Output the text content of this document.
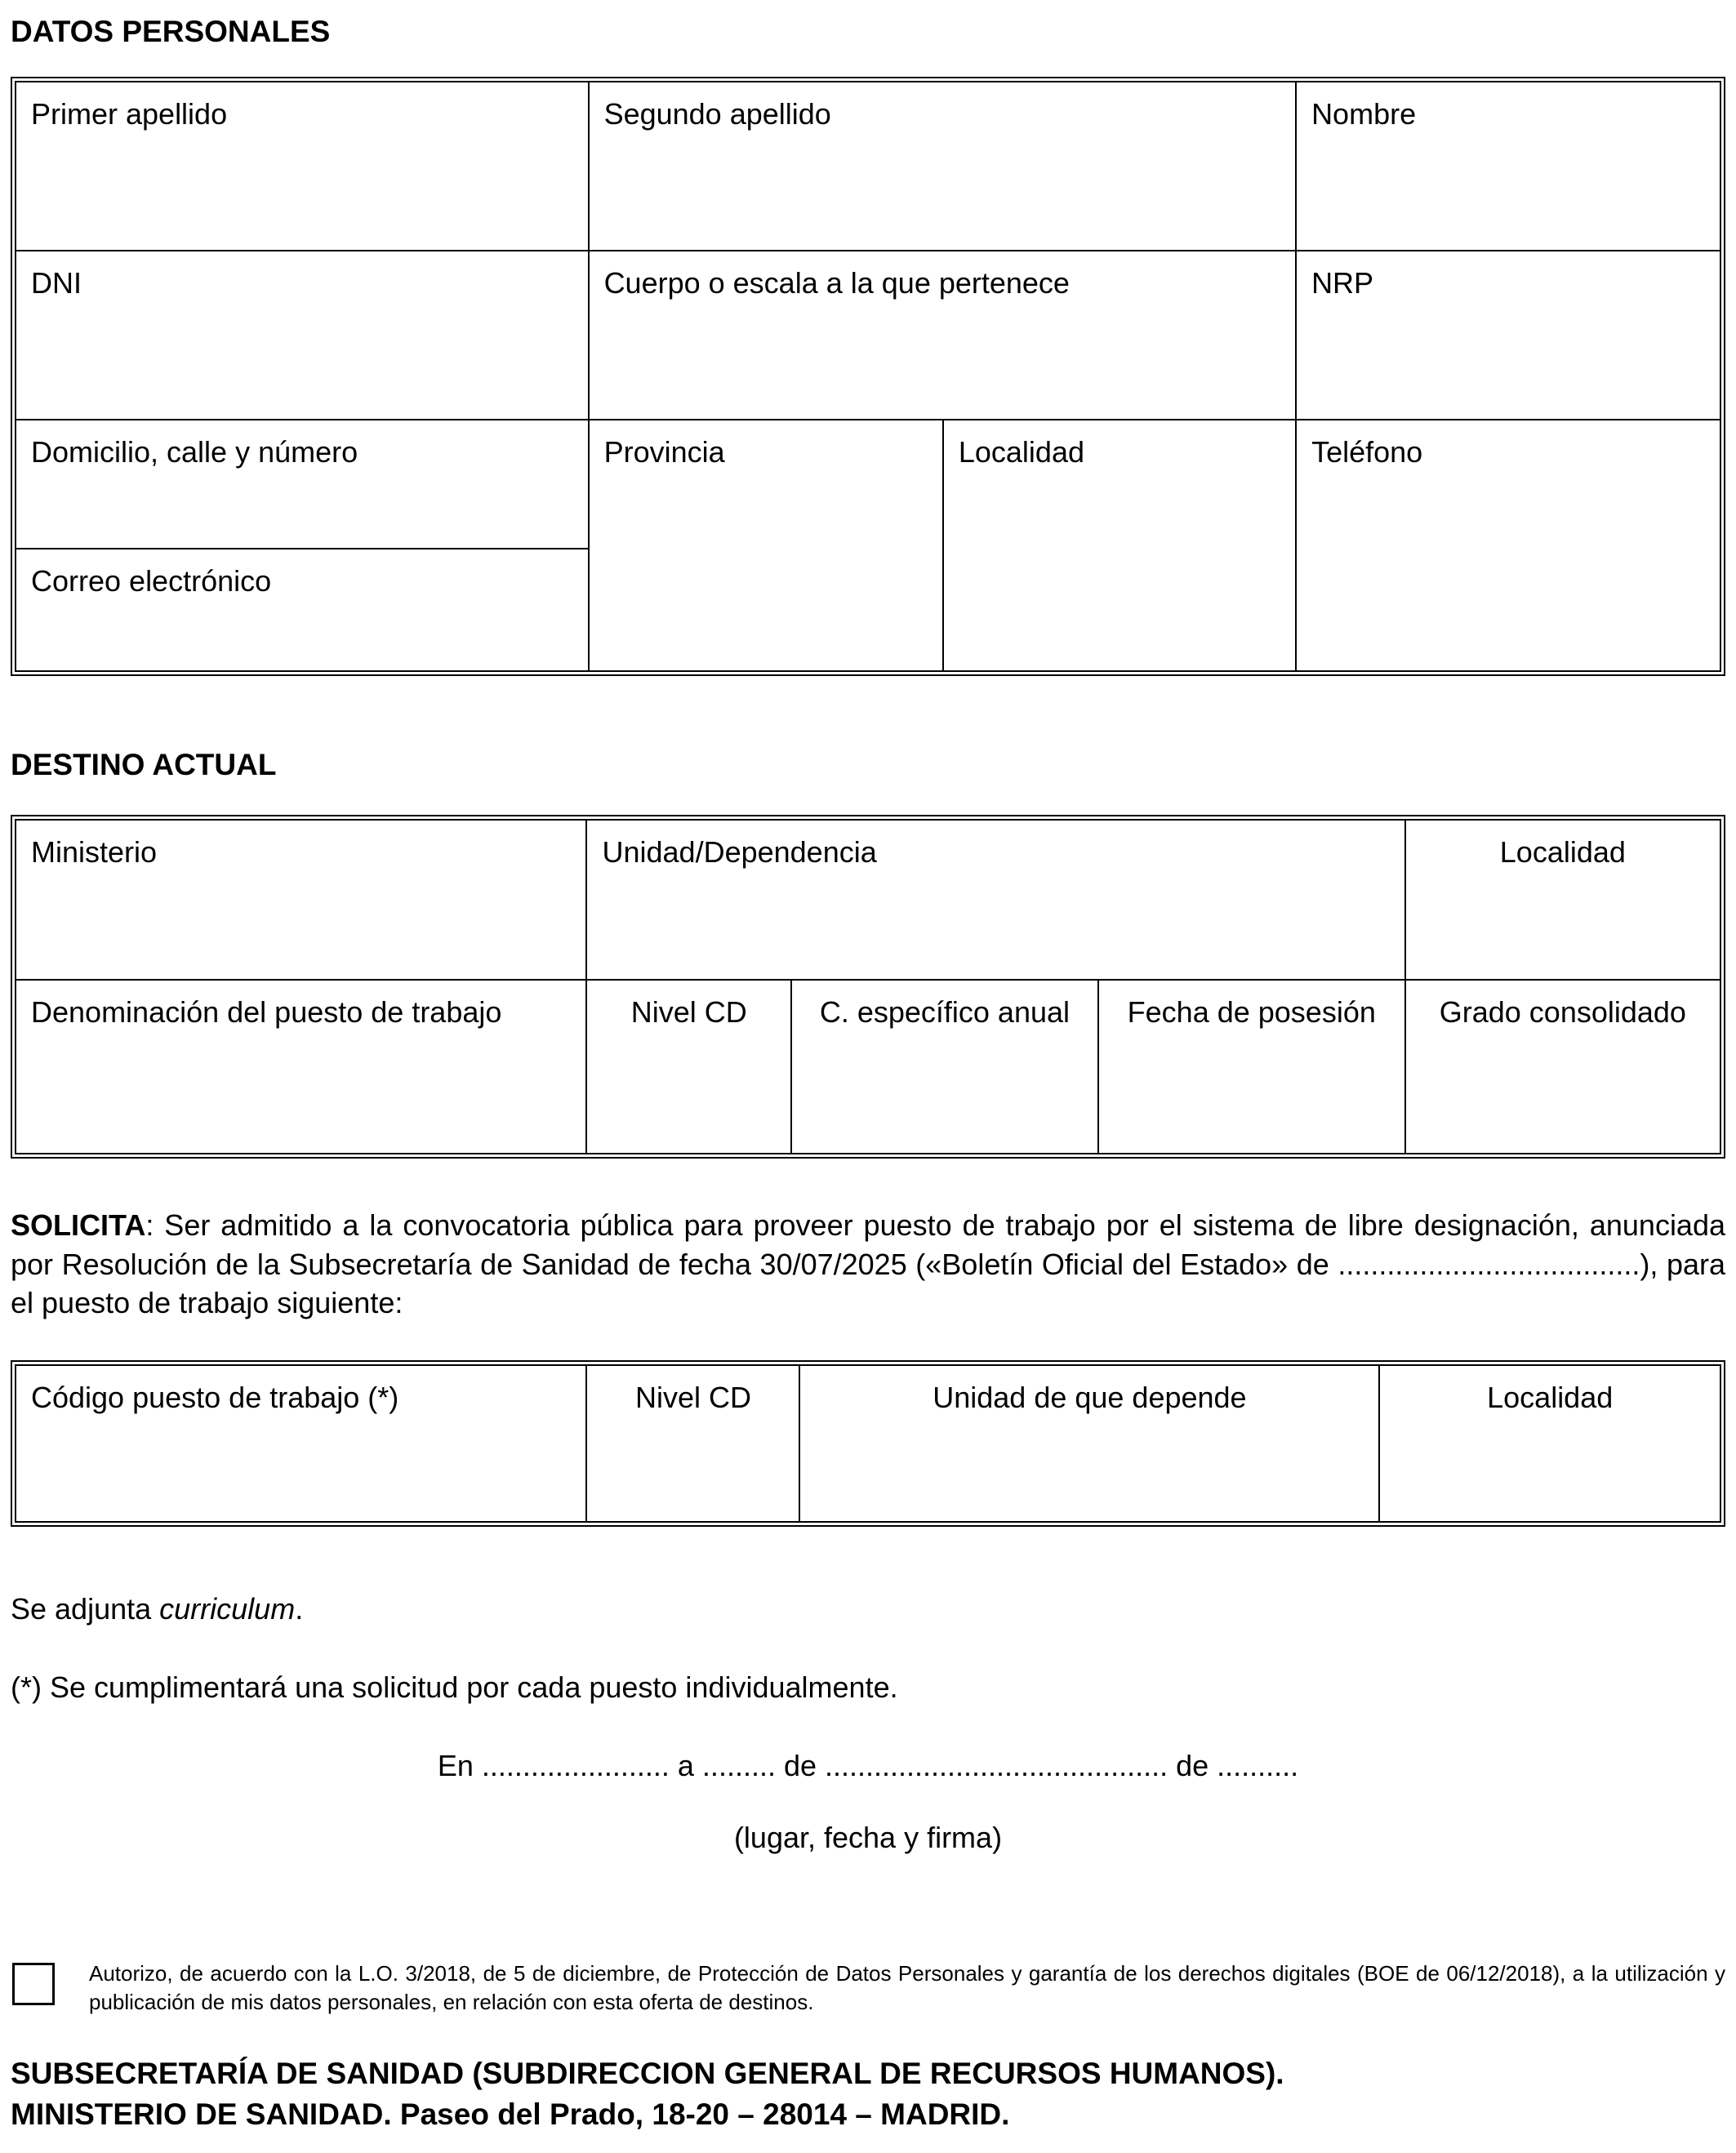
DATOS PERSONALES
Primer apellido	Segundo apellido		Nombre
DNI	Cuerpo o escala a la que pertenece		NRP
Domicilio, calle y número	Provincia	Localidad	Teléfono
Correo electrónico			
DESTINO ACTUAL
Ministerio	Unidad/Dependencia			Localidad
Denominación del puesto de trabajo	Nivel CD	C. específico anual	Fecha de posesión	Grado consolidado

SOLICITA: Ser admitido a la convocatoria pública para proveer puesto de trabajo por el sistema de libre designación, anunciada por Resolución de la Subsecretaría de Sanidad de fecha 30/07/2025 («Boletín Oficial del Estado» de .....................................), para el puesto de trabajo siguiente:

Código puesto de trabajo (*)	Nivel CD	Unidad de que depende	Localidad

Se adjunta curriculum.

(*) Se cumplimentará una solicitud por cada puesto individualmente.

En ....................... a ......... de .......................................... de ..........

(lugar, fecha y firma)

Autorizo, de acuerdo con la L.O. 3/2018, de 5 de diciembre, de Protección de Datos Personales y garantía de los derechos digitales (BOE de 06/12/2018), a la utilización y publicación de mis datos personales, en relación con esta oferta de destinos.

SUBSECRETARÍA DE SANIDAD (SUBDIRECCION GENERAL DE RECURSOS HUMANOS).
MINISTERIO DE SANIDAD. Paseo del Prado, 18-20 – 28014 – MADRID.
